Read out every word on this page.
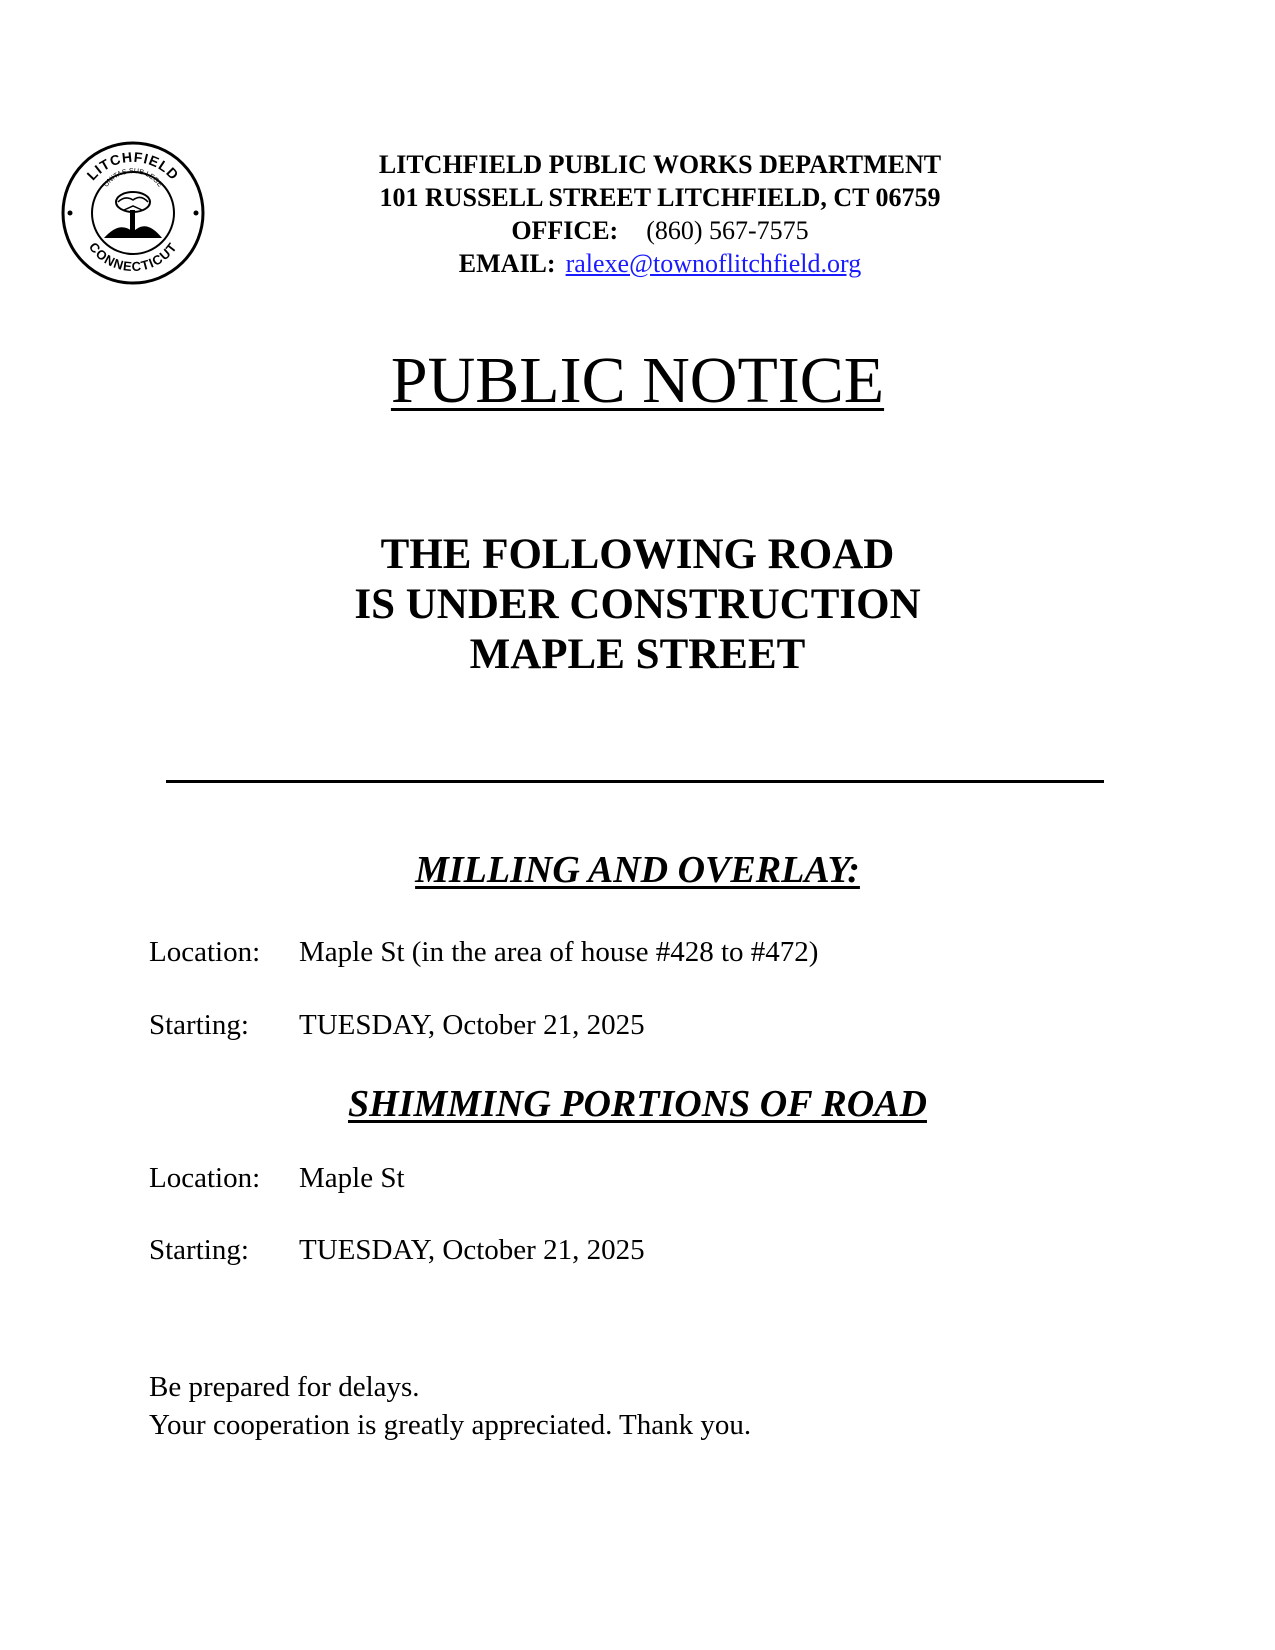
LITCHFIELD
CONNECTICUT
UNITAS SUB LEGE
LITCHFIELD PUBLIC WORKS DEPARTMENT
101 RUSSELL STREET LITCHFIELD, CT 06759
OFFICE: (860) 567-7575
EMAIL: ralexe@townoflitchfield.org
PUBLIC NOTICE
THE FOLLOWING ROAD
IS UNDER CONSTRUCTION
MAPLE STREET
MILLING AND OVERLAY:
Location: Maple St (in the area of house #428 to #472)
Starting: TUESDAY, October 21, 2025
SHIMMING PORTIONS OF ROAD
Location: Maple St
Starting: TUESDAY, October 21, 2025
Be prepared for delays.
Your cooperation is greatly appreciated. Thank you.
